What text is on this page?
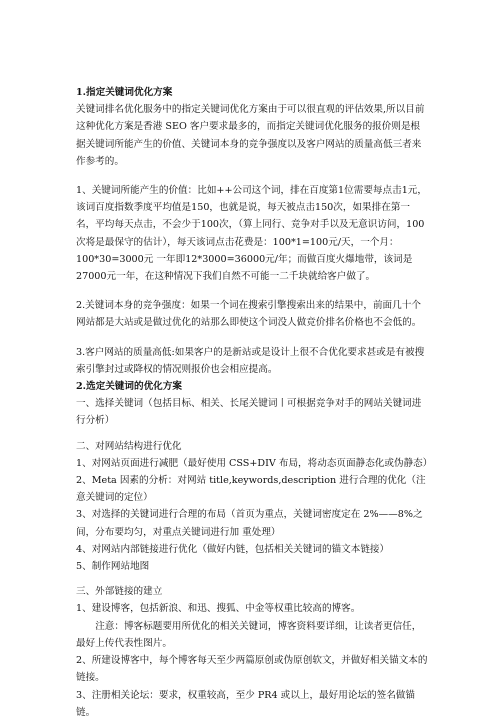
1.指定关键词优化方案

关键词排名优化服务中的指定关键词优化方案由于可以很直观的评估效果,所以目前这种优化方案是香港 SEO 客户要求最多的，而指定关键词优化服务的报价则是根据关键词所能产生的价值、关键词本身的竞争强度以及客户网站的质量高低三者来作参考的。

1、关键词所能产生的价值：比如++公司这个词，排在百度第1位需要每点击1元，该词百度指数季度平均值是150，也就是说，每天被点击150次，如果排在第一名，平均每天点击，不会少于100次，（算上同行、竞争对手以及无意识访问，100次将是最保守的估计），每天该词点击花费是：100*1=100元/天，一个月：100*30=3000元 一年即12*3000=36000元/年；而做百度火爆地带，该词是27000元一年，在这种情况下我们自然不可能一二千块就给客户做了。

2.关键词本身的竞争强度：如果一个词在搜索引擎搜索出来的结果中，前面几十个网站都是大站或是做过优化的站那么即使这个词没人做竞价排名价格也不会低的。

3.客户网站的质量高低:如果客户的是新站或是设计上很不合优化要求甚或是有被搜索引擎封过或降权的情况则报价也会相应提高。

2.选定关键词的优化方案

一、选择关键词（包括目标、相关、长尾关键词丨可根据竞争对手的网站关键词进行分析）

二、对网站结构进行优化

1、对网站页面进行减肥（最好使用 CSS+DIV 布局，将动态页面静态化或伪静态）

2、Meta 因素的分析：对网站 title,keywords,description 进行合理的优化（注意关键词的定位）

3、对选择的关键词进行合理的布局（首页为重点，关键词密度定在 2%——8%之间，分布要均匀，对重点关键词进行加 重处理）

4、对网站内部链接进行优化（做好内链，包括相关关键词的锚文本链接）

5、制作网站地图

三、外部链接的建立

1、建设博客，包括新浪、和迅、搜狐、中金等权重比较高的博客。

注意：博客标题要用所优化的相关关键词，博客资料要详细，让读者更信任，最好上传代表性图片。

2、所建设博客中，每个博客每天至少两篇原创或伪原创软文，并做好相关锚文本的链接。

3、注册相关论坛：要求，权重较高，至少 PR4 或以上，最好用论坛的签名做锚链。
